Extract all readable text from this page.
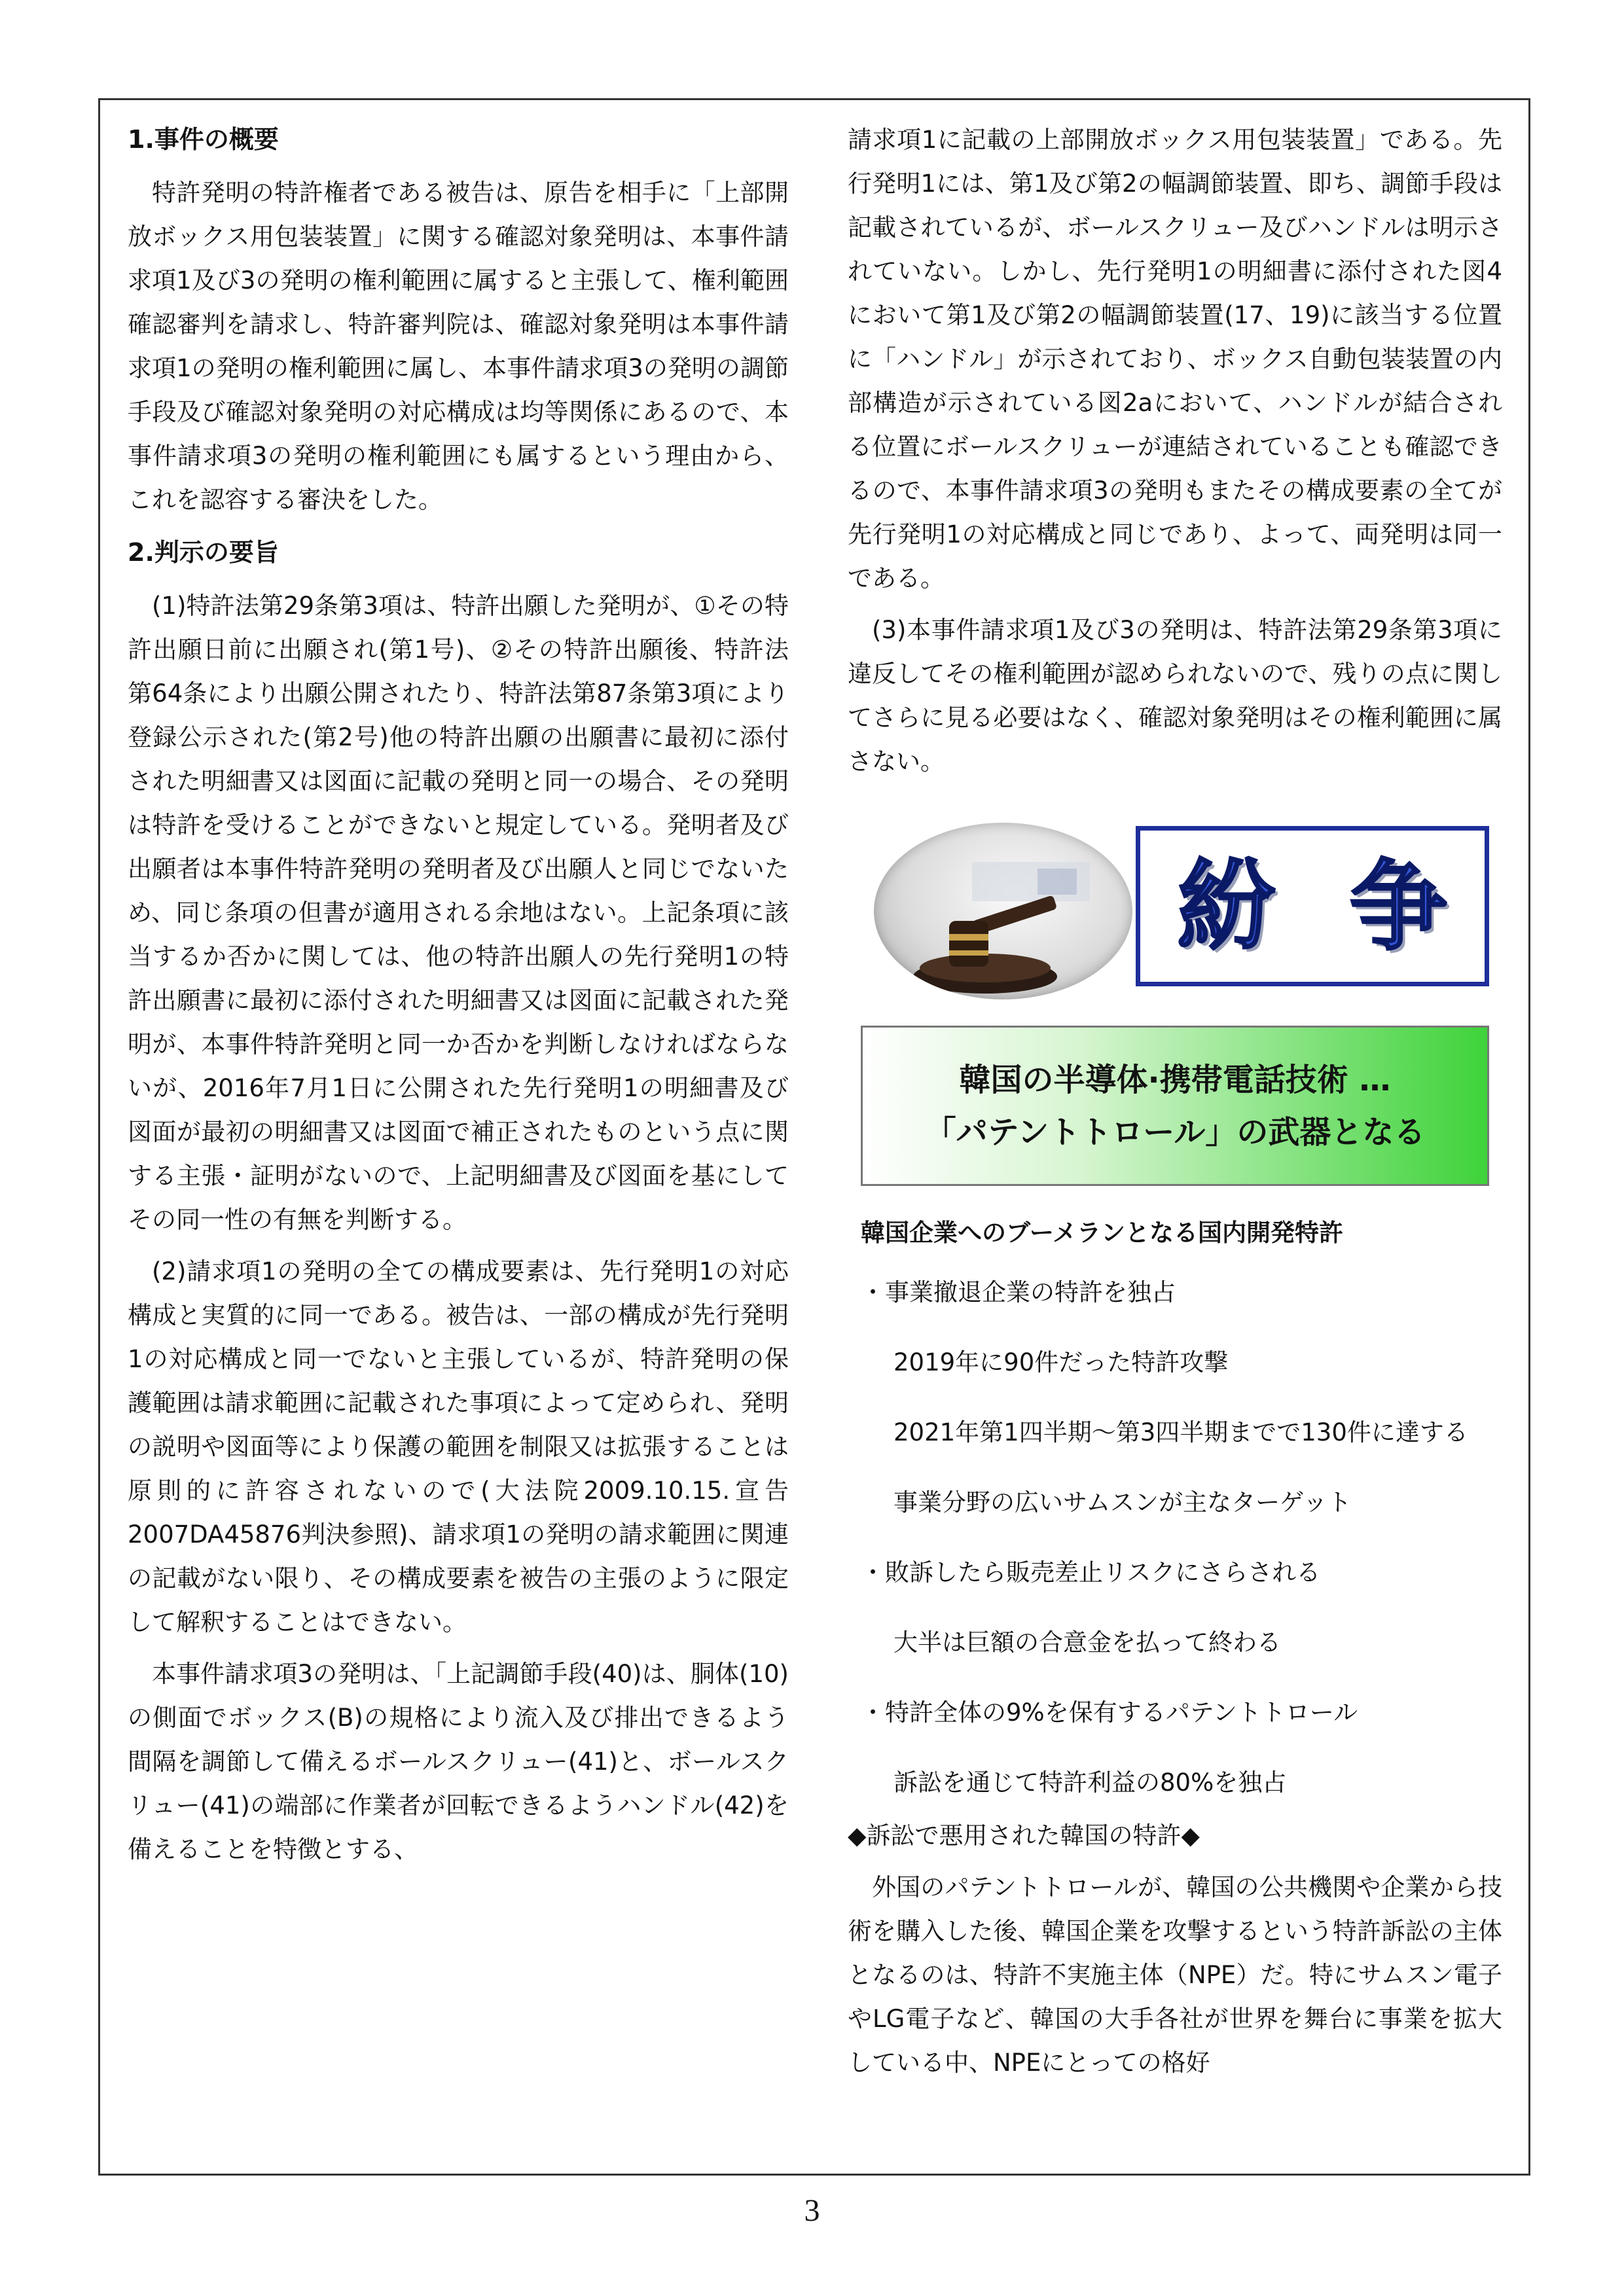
1.事件の概要

特許発明の特許権者である被告は、原告を相手に「上部開放ボックス用包装装置」に関する確認対象発明は、本事件請求項1及び3の発明の権利範囲に属すると主張して、権利範囲確認審判を請求し、特許審判院は、確認対象発明は本事件請求項1の発明の権利範囲に属し、本事件請求項3の発明の調節手段及び確認対象発明の対応構成は均等関係にあるので、本事件請求項3の発明の権利範囲にも属するという理由から、これを認容する審決をした。

2.判示の要旨

(1)特許法第29条第3項は、特許出願した発明が、①その特許出願日前に出願され(第1号)、②その特許出願後、特許法第64条により出願公開されたり、特許法第87条第3項により登録公示された(第2号)他の特許出願の出願書に最初に添付された明細書又は図面に記載の発明と同一の場合、その発明は特許を受けることができないと規定している。発明者及び出願者は本事件特許発明の発明者及び出願人と同じでないため、同じ条項の但書が適用される余地はない。上記条項に該当するか否かに関しては、他の特許出願人の先行発明1の特許出願書に最初に添付された明細書又は図面に記載された発明が、本事件特許発明と同一か否かを判断しなければならないが、2016年7月1日に公開された先行発明1の明細書及び図面が最初の明細書又は図面で補正されたものという点に関する主張・証明がないので、上記明細書及び図面を基にしてその同一性の有無を判断する。

(2)請求項1の発明の全ての構成要素は、先行発明1の対応構成と実質的に同一である。被告は、一部の構成が先行発明1の対応構成と同一でないと主張しているが、特許発明の保護範囲は請求範囲に記載された事項によって定められ、発明の説明や図面等により保護の範囲を制限又は拡張することは原則的に許容されないので(大法院2009.10.15.宣告2007DA45876判決参照)、請求項1の発明の請求範囲に関連の記載がない限り、その構成要素を被告の主張のように限定して解釈することはできない。

本事件請求項3の発明は、「上記調節手段(40)は、胴体(10)の側面でボックス(B)の規格により流入及び排出できるよう間隔を調節して備えるボールスクリュー(41)と、ボールスクリュー(41)の端部に作業者が回転できるようハンドル(42)を備えることを特徴とする、

請求項1に記載の上部開放ボックス用包装装置」である。先行発明1には、第1及び第2の幅調節装置、即ち、調節手段は記載されているが、ボールスクリュー及びハンドルは明示されていない。しかし、先行発明1の明細書に添付された図4において第1及び第2の幅調節装置(17、19)に該当する位置に「ハンドル」が示されており、ボックス自動包装装置の内部構造が示されている図2aにおいて、ハンドルが結合される位置にボールスクリューが連結されていることも確認できるので、本事件請求項3の発明もまたその構成要素の全てが先行発明1の対応構成と同じであり、よって、両発明は同一である。

(3)本事件請求項1及び3の発明は、特許法第29条第3項に違反してその権利範囲が認められないので、残りの点に関してさらに見る必要はなく、確認対象発明はその権利範囲に属さない。

紛 争
韓国の半導体·携帯電話技術 …
「パテントトロール」の武器となる
韓国企業へのブーメランとなる国内開発特許

・事業撤退企業の特許を独占

2019年に90件だった特許攻撃

2021年第1四半期～第3四半期までで130件に達する

事業分野の広いサムスンが主なターゲット

・敗訴したら販売差止リスクにさらされる

大半は巨額の合意金を払って終わる

・特許全体の9%を保有するパテントトロール

訴訟を通じて特許利益の80%を独占

◆訴訟で悪用された韓国の特許◆

外国のパテントトロールが、韓国の公共機関や企業から技術を購入した後、韓国企業を攻撃するという特許訴訟の主体となるのは、特許不実施主体（NPE）だ。特にサムスン電子やLG電子など、韓国の大手各社が世界を舞台に事業を拡大している中、NPEにとっての格好

3
